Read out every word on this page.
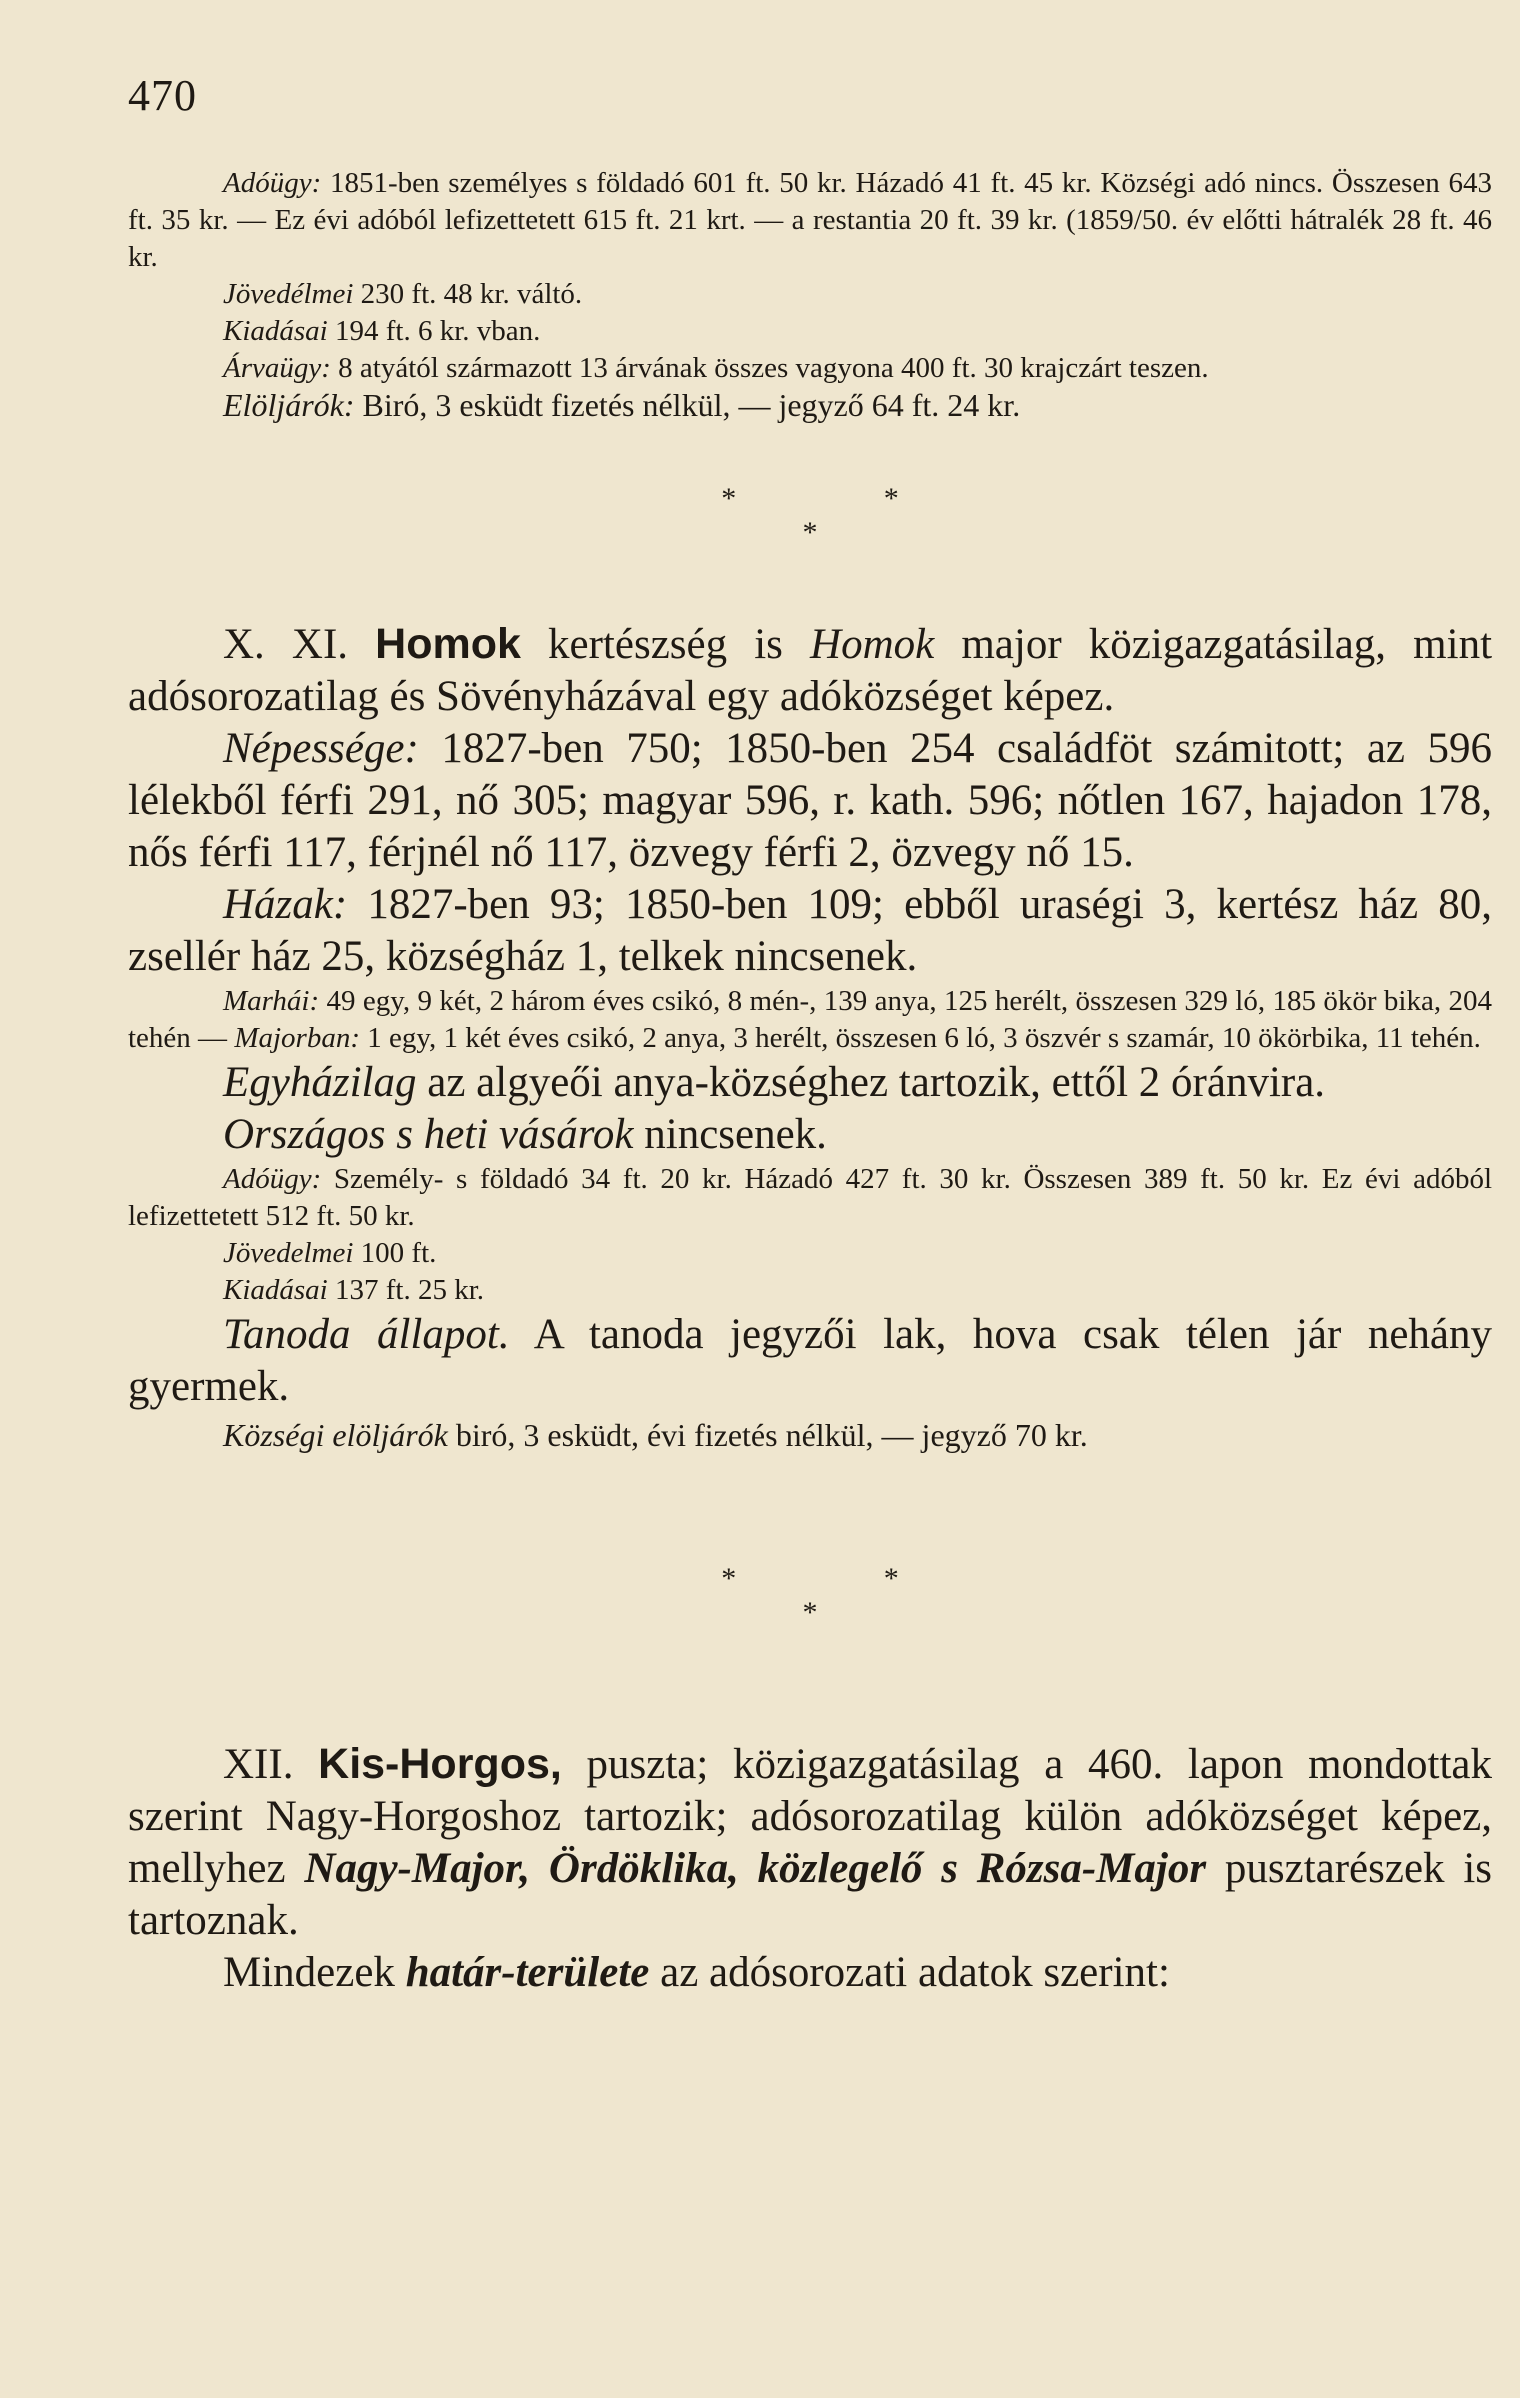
470

Adóügy: 1851-ben személyes s földadó 601 ft. 50 kr. Házadó 41 ft. 45 kr. Községi adó nincs. Összesen 643 ft. 35 kr. — Ez évi adóból lefizettetett 615 ft. 21 krt. — a restantia 20 ft. 39 kr. (1859/50. év előtti hátralék 28 ft. 46 kr.

Jövedélmei 230 ft. 48 kr. váltó.

Kiadásai 194 ft. 6 kr. vban.

Árvaügy: 8 atyától származott 13 árvának összes vagyona 400 ft. 30 krajczárt teszen.

Elöljárók: Biró, 3 esküdt fizetés nélkül, — jegyző 64 ft. 24 kr.

* *
*

X. XI. Homok kertészség is Homok major közigazgatásilag, mint adósorozatilag és Sövényházával egy adóközséget képez.

Népessége: 1827-ben 750; 1850-ben 254 családföt számitott; az 596 lélekből férfi 291, nő 305; magyar 596, r. kath. 596; nőtlen 167, hajadon 178, nős férfi 117, férjnél nő 117, özvegy férfi 2, özvegy nő 15.

Házak: 1827-ben 93; 1850-ben 109; ebből uraségi 3, kertész ház 80, zsellér ház 25, községház 1, telkek nincsenek.

Marhái: 49 egy, 9 két, 2 három éves csikó, 8 mén-, 139 anya, 125 herélt, összesen 329 ló, 185 ökör bika, 204 tehén — Majorban: 1 egy, 1 két éves csikó, 2 anya, 3 herélt, összesen 6 ló, 3 öszvér s szamár, 10 ökörbika, 11 tehén.

Egyházilag az algyeői anya-községhez tartozik, ettől 2 óránvira.

Országos s heti vásárok nincsenek.

Adóügy: Személy- s földadó 34 ft. 20 kr. Házadó 427 ft. 30 kr. Összesen 389 ft. 50 kr. Ez évi adóból lefizettetett 512 ft. 50 kr.

Jövedelmei 100 ft.

Kiadásai 137 ft. 25 kr.

Tanoda állapot. A tanoda jegyzői lak, hova csak télen jár nehány gyermek.

Községi elöljárók biró, 3 esküdt, évi fizetés nélkül, — jegyző 70 kr.

* *
*

XII. Kis-Horgos, puszta; közigazgatásilag a 460. lapon mondottak szerint Nagy-Horgoshoz tartozik; adósorozatilag külön adóközséget képez, mellyhez Nagy-Major, Ördöklika, közlegelő s Rózsa-Major pusztarészek is tartoznak.

Mindezek határ-területe az adósorozati adatok szerint:
